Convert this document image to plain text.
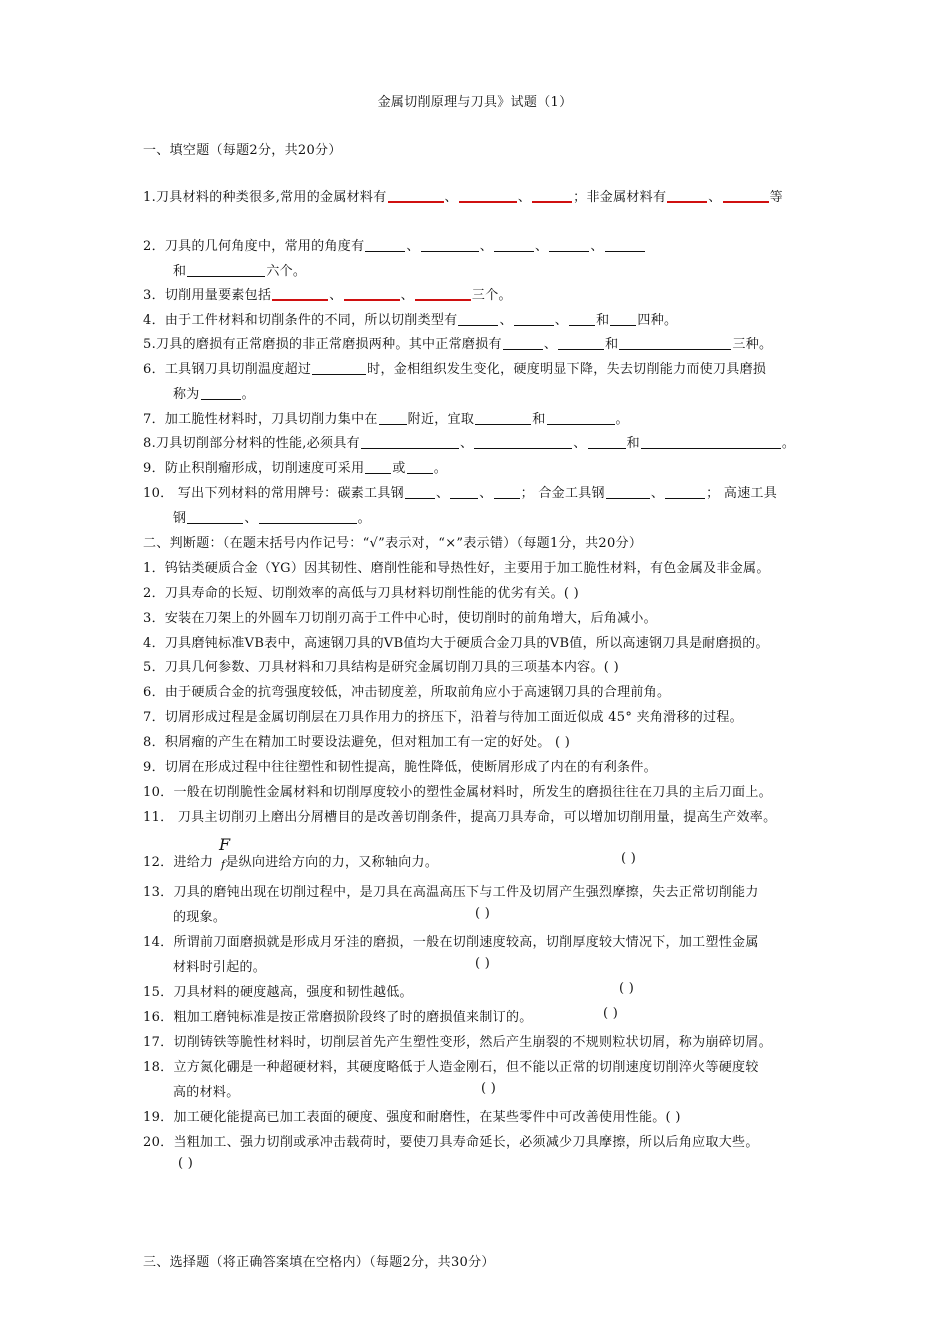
金属切削原理与刀具》试题（1）
一、填空题（每题2分，共20分）
1.刀具材料的种类很多,常用的金属材料有	、	、	；非金属材料有	、	等
2．刀具的几何角度中，常用的角度有	、	、	、	、
和	六个。
3．切削用量要素包括	、	、	三个。
4．由于工件材料和切削条件的不同，所以切削类型有	、	、 和 四种。
5.刀具的磨损有正常磨损的非正常磨损两种。其中正常磨损有	、	和	三种。
6．工具钢刀具切削温度超过	时，金相组织发生变化，硬度明显下降，失去切削能力而使刀具磨损
称为	。
7．加工脆性材料时，刀具切削力集中在 附近，宜取	和	。
8.刀具切削部分材料的性能,必须具有	、	、	和	。
9．防止积削瘤形成，切削速度可采用 或 。
10． 写出下列材料的常用牌号：碳素工具钢 、 、 ； 合金工具钢	、	； 高速工具
钢	、	。
二、判断题：（在题末括号内作记号：“√”表示对，“×”表示错）（每题1分，共20分）
1．钨钴类硬质合金（YG）因其韧性、磨削性能和导热性好，主要用于加工脆性材料，有色金属及非金属。
2．刀具寿命的长短、切削效率的高低与刀具材料切削性能的优劣有关。( )
3．安装在刀架上的外圆车刀切削刃高于工件中心时，使切削时的前角增大，后角减小。
4．刀具磨钝标准VB表中，高速钢刀具的VB值均大于硬质合金刀具的VB值，所以高速钢刀具是耐磨损的。
5．刀具几何参数、刀具材料和刀具结构是研究金属切削刀具的三项基本内容。( )
6．由于硬质合金的抗弯强度较低，冲击韧度差，所取前角应小于高速钢刀具的合理前角。
7．切屑形成过程是金属切削层在刀具作用力的挤压下，沿着与待加工面近似成 45° 夹角滑移的过程。
8．积屑瘤的产生在精加工时要设法避免，但对粗加工有一定的好处。 ( )
9．切屑在形成过程中往往塑性和韧性提高，脆性降低，使断屑形成了内在的有利条件。
10．一般在切削脆性金属材料和切削厚度较小的塑性金属材料时，所发生的磨损往往在刀具的主后刀面上。
11． 刀具主切削刃上磨出分屑槽目的是改善切削条件，提高刀具寿命，可以增加切削用量，提高生产效率。
F
12．进给力 f是纵向进给方向的力，又称轴向力。	( )
13．刀具的磨钝出现在切削过程中，是刀具在高温高压下与工件及切屑产生强烈摩擦，失去正常切削能力
的现象。	( )
14．所谓前刀面磨损就是形成月牙洼的磨损，一般在切削速度较高，切削厚度较大情况下，加工塑性金属
材料时引起的。	( )
15．刀具材料的硬度越高，强度和韧性越低。	( )
16．粗加工磨钝标准是按正常磨损阶段终了时的磨损值来制订的。	( )
17．切削铸铁等脆性材料时，切削层首先产生塑性变形，然后产生崩裂的不规则粒状切屑，称为崩碎切屑。
18．立方氮化硼是一种超硬材料，其硬度略低于人造金刚石，但不能以正常的切削速度切削淬火等硬度较
高的材料。	( )
19．加工硬化能提高已加工表面的硬度、强度和耐磨性，在某些零件中可改善使用性能。( )
20．当粗加工、强力切削或承冲击载荷时，要使刀具寿命延长，必须减少刀具摩擦，所以后角应取大些。
( )
三、选择题（将正确答案填在空格内）（每题2分，共30分）
